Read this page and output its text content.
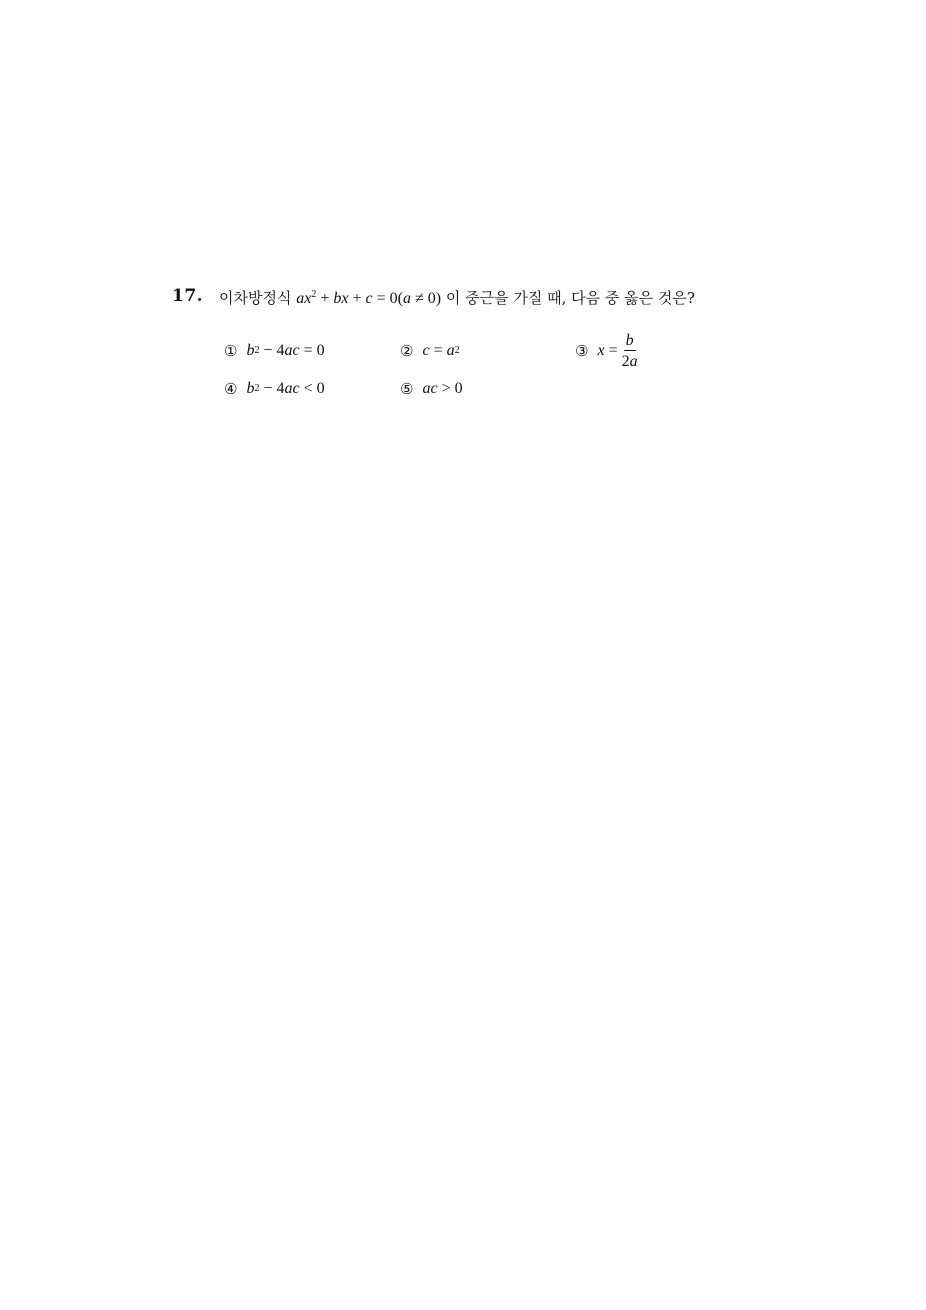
17. 이차방정식 $ax^2$ + bx + c = 0(a ≠ 0) 이 중근을 가질 때, 다음 중 옳은 것은?
① b 2 − 4 ac = 0	② c = a 2	③ $x = \frac{b}{2a}$
④ b 2 − 4 ac < 0	⑤ ac > 0
